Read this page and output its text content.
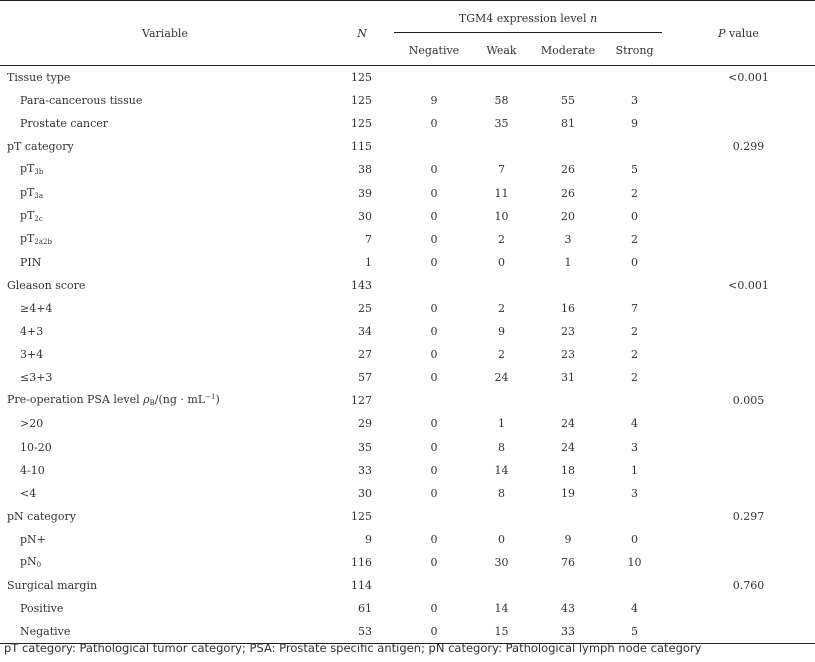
Variable	N	TGM4 expression level n				P value
		Negative	Weak	Moderate	Strong	
Tissue type	125					<0.001
Para-cancerous tissue	125	9	58	55	3	
Prostate cancer	125	0	35	81	9	
pT category	115					0.299
$pT_{3b}$	38	0	7	26	5	
$pT_{3a}$	39	0	11	26	2	
$pT_{2c}$	30	0	10	20	0	
$pT_{2a2b}$	7	0	2	3	2	
PIN	1	0	0	1	0	
Gleason score	143					<0.001
≥4+4	25	0	2	16	7	
4+3	34	0	9	23	2	
3+4	27	0	2	23	2	
≤3+3	57	0	24	31	2	
Pre-operation PSA level $\rho_B/(ng \cdot mL^{-1})$	127					0.005
>20	29	0	1	24	4	
10-20	35	0	8	24	3	
4-10	33	0	14	18	1	
<4	30	0	8	19	3	
pN category	125					0.297
pN+	9	0	0	9	0	
$pN_0$	116	0	30	76	10	
Surgical margin	114					0.760
Positive	61	0	14	43	4	
Negative	53	0	15	33	5	
pT category: Pathological tumor category; PSA: Prostate specific antigen; pN category: Pathological lymph node category
